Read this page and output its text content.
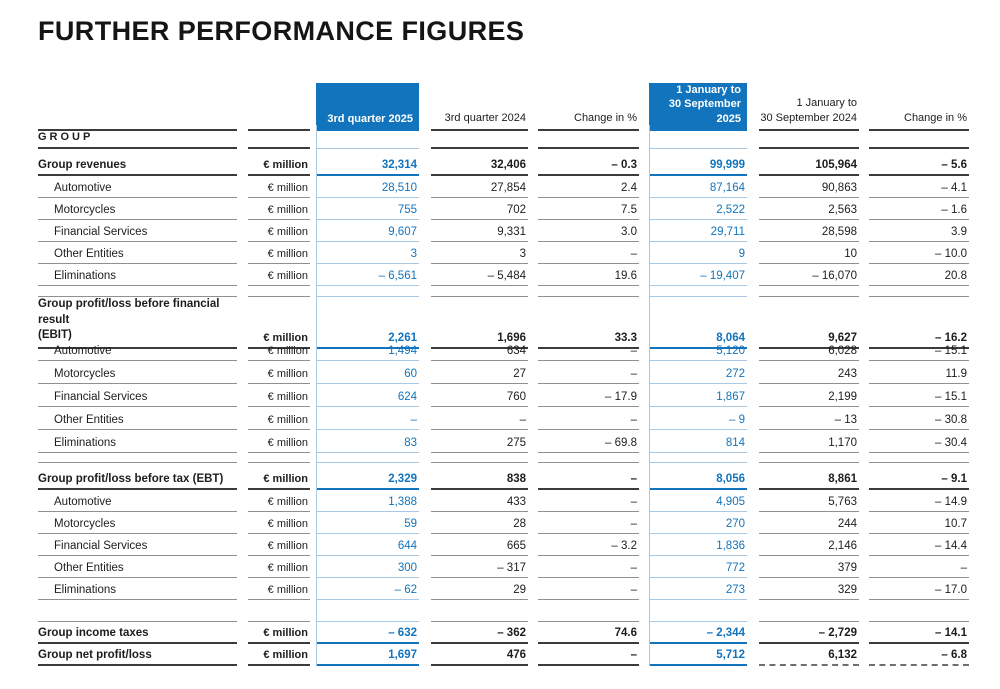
FURTHER PERFORMANCE FIGURES
3rd quarter 2025	3rd quarter 2024	Change in %
1 January to
30 September 2025
1 January to
30 September 2024	Change in %
GROUP
Group revenues	€ million	32,314	32,406	– 0.3	99,999	105,964	– 5.6
Automotive	€ million	28,510	27,854	2.4	87,164	90,863	– 4.1
Motorcycles	€ million	755	702	7.5	2,522	2,563	– 1.6
Financial Services	€ million	9,607	9,331	3.0	29,711	28,598	3.9
Other Entities	€ million	3	3	–	9	10	– 10.0
Eliminations	€ million	– 6,561	– 5,484	19.6	– 19,407	– 16,070	20.8
Group profit/loss before financial result
(EBIT)	€ million	2,261	1,696	33.3	8,064	9,627	– 16.2
Automotive	€ million	1,494	634	–	5,120	6,028	– 15.1
Motorcycles	€ million	60	27	–	272	243	11.9
Financial Services	€ million	624	760	– 17.9	1,867	2,199	– 15.1
Other Entities	€ million	–	–	–	– 9	– 13	– 30.8
Eliminations	€ million	83	275	– 69.8	814	1,170	– 30.4
Group profit/loss before tax (EBT)	€ million	2,329	838	–	8,056	8,861	– 9.1
Automotive	€ million	1,388	433	–	4,905	5,763	– 14.9
Motorcycles	€ million	59	28	–	270	244	10.7
Financial Services	€ million	644	665	– 3.2	1,836	2,146	– 14.4
Other Entities	€ million	300	– 317	–	772	379	–
Eliminations	€ million	– 62	29	–	273	329	– 17.0
Group income taxes	€ million	– 632	– 362	74.6	– 2,344	– 2,729	– 14.1
Group net profit/loss	€ million	1,697	476	–	5,712	6,132	– 6.8
